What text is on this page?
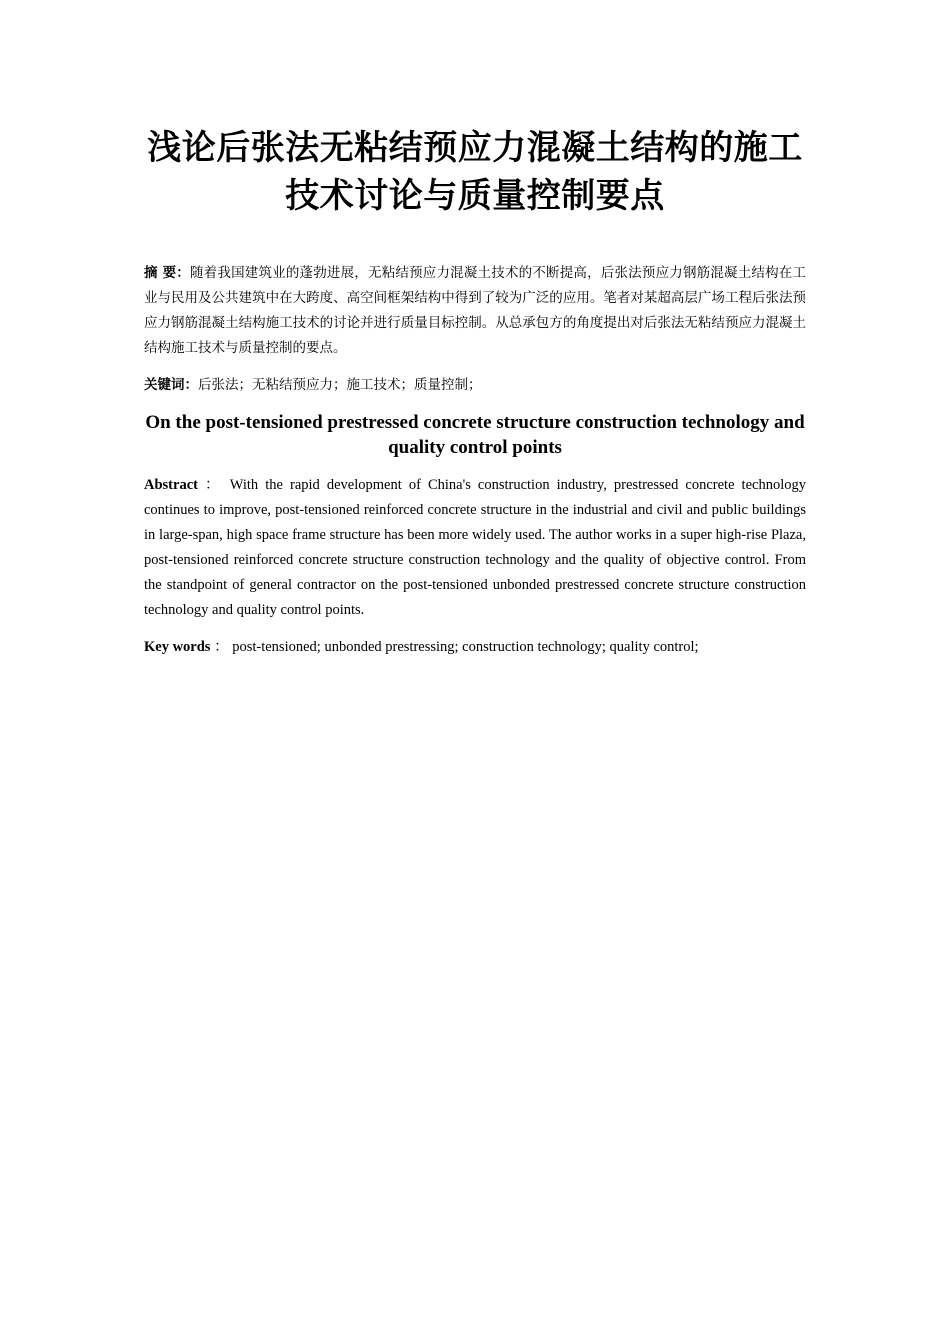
浅论后张法无粘结预应力混凝土结构的施工技术讨论与质量控制要点
摘 要：随着我国建筑业的蓬勃进展，无粘结预应力混凝土技术的不断提高，后张法预应力钢筋混凝土结构在工业与民用及公共建筑中在大跨度、高空间框架结构中得到了较为广泛的应用。笔者对某超高层广场工程后张法预应力钢筋混凝土结构施工技术的讨论并进行质量目标控制。从总承包方的角度提出对后张法无粘结预应力混凝土结构施工技术与质量控制的要点。
关键词：后张法；无粘结预应力；施工技术；质量控制；
On the post-tensioned prestressed concrete structure construction technology and quality control points
Abstract ： With the rapid development of China's construction industry, prestressed concrete technology continues to improve, post-tensioned reinforced concrete structure in the industrial and civil and public buildings in large-span, high space frame structure has been more widely used. The author works in a super high-rise Plaza, post-tensioned reinforced concrete structure construction technology and the quality of objective control. From the standpoint of general contractor on the post-tensioned unbonded prestressed concrete structure construction technology and quality control points.
Key words ： post-tensioned; unbonded prestressing; construction technology; quality control;
